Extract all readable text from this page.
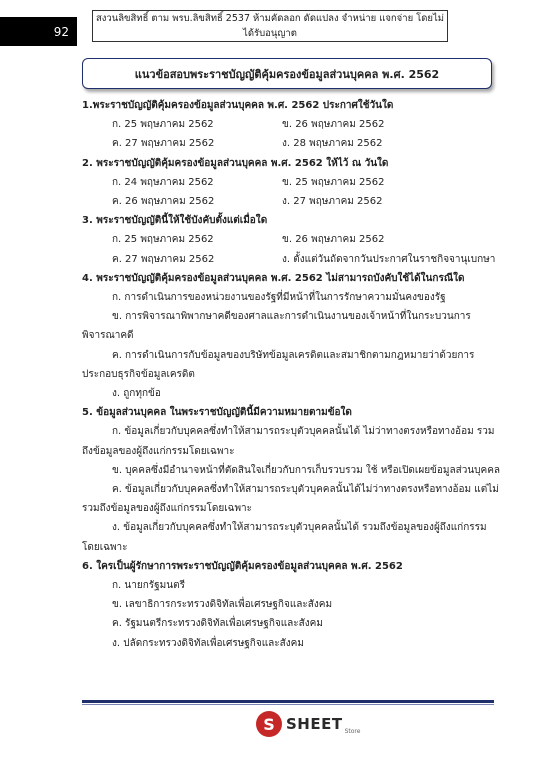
92
สงวนลิขสิทธิ์ ตาม พรบ.ลิขสิทธิ์ 2537 ห้ามคัดลอก ดัดแปลง จำหน่าย แจกจ่าย โดยไม่ได้รับอนุญาต
แนวข้อสอบพระราชบัญญัติคุ้มครองข้อมูลส่วนบุคคล พ.ศ. 2562
1.พระราชบัญญัติคุ้มครองข้อมูลส่วนบุคคล พ.ศ. 2562 ประกาศใช้วันใด
ก. 25 พฤษภาคม 2562	ข. 26 พฤษภาคม 2562
ค. 27 พฤษภาคม 2562	ง. 28 พฤษภาคม 2562
2. พระราชบัญญัติคุ้มครองข้อมูลส่วนบุคคล พ.ศ. 2562 ให้ไว้ ณ วันใด
ก. 24 พฤษภาคม 2562	ข. 25 พฤษภาคม 2562
ค. 26 พฤษภาคม 2562	ง. 27 พฤษภาคม 2562
3. พระราชบัญญัตินี้ให้ใช้บังคับตั้งแต่เมื่อใด
ก. 25 พฤษภาคม 2562	ข. 26 พฤษภาคม 2562
ค. 27 พฤษภาคม 2562	ง. ตั้งแต่วันถัดจากวันประกาศในราชกิจจานุเบกษา
4. พระราชบัญญัติคุ้มครองข้อมูลส่วนบุคคล พ.ศ. 2562 ไม่สามารถบังคับใช้ได้ในกรณีใด
ก. การดำเนินการของหน่วยงานของรัฐที่มีหน้าที่ในการรักษาความมั่นคงของรัฐ
ข. การพิจารณาพิพากษาคดีของศาลและการดำเนินงานของเจ้าหน้าที่ในกระบวนการพิจารณาคดี
ค. การดำเนินการกับข้อมูลของบริษัทข้อมูลเครดิตและสมาชิกตามกฎหมายว่าด้วยการประกอบธุรกิจข้อมูลเครดิต
ง. ถูกทุกข้อ
5. ข้อมูลส่วนบุคคล ในพระราชบัญญัตินี้มีความหมายตามข้อใด
ก. ข้อมูลเกี่ยวกับบุคคลซึ่งทำให้สามารถระบุตัวบุคคลนั้นได้ ไม่ว่าทางตรงหรือทางอ้อม รวมถึงข้อมูลของผู้ถึงแก่กรรมโดยเฉพาะ
ข. บุคคลซึ่งมีอำนาจหน้าที่ตัดสินใจเกี่ยวกับการเก็บรวบรวม ใช้ หรือเปิดเผยข้อมูลส่วนบุคคล
ค. ข้อมูลเกี่ยวกับบุคคลซึ่งทำให้สามารถระบุตัวบุคคลนั้นได้ไม่ว่าทางตรงหรือทางอ้อม แต่ไม่รวมถึงข้อมูลของผู้ถึงแก่กรรมโดยเฉพาะ
ง. ข้อมูลเกี่ยวกับบุคคลซึ่งทำให้สามารถระบุตัวบุคคลนั้นได้ รวมถึงข้อมูลของผู้ถึงแก่กรรมโดยเฉพาะ
6. ใครเป็นผู้รักษาการพระราชบัญญัติคุ้มครองข้อมูลส่วนบุคคล พ.ศ. 2562
ก. นายกรัฐมนตรี
ข. เลขาธิการกระทรวงดิจิทัลเพื่อเศรษฐกิจและสังคม
ค. รัฐมนตรีกระทรวงดิจิทัลเพื่อเศรษฐกิจและสังคม
ง. ปลัดกระทรวงดิจิทัลเพื่อเศรษฐกิจและสังคม
S SHEET Store
